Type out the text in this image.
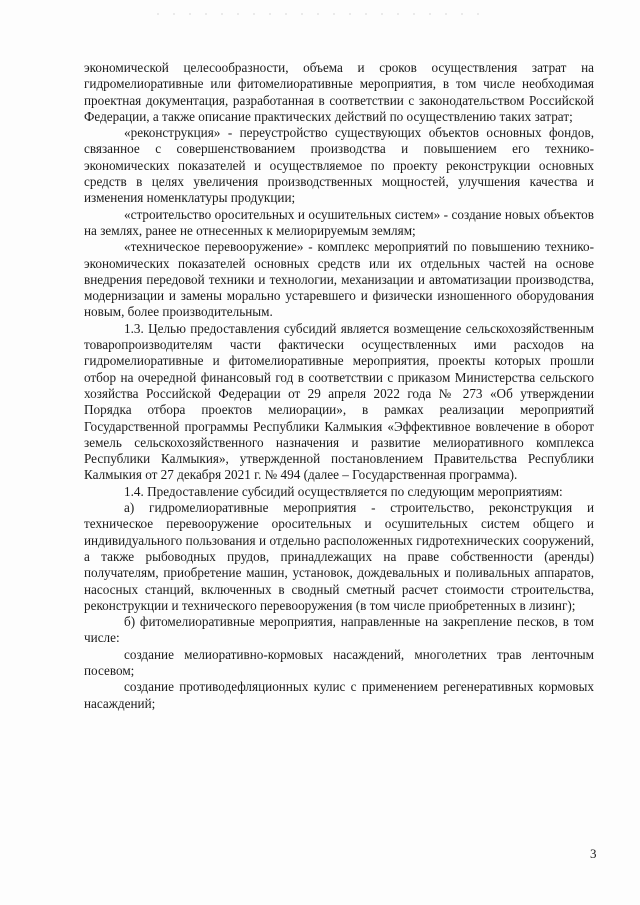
экономической целесообразности, объема и сроков осуществления затрат на гидромелиоративные или фитомелиоративные мероприятия, в том числе необходимая проектная документация, разработанная в соответствии с законодательством Российской Федерации, а также описание практических действий по осуществлению таких затрат;

«реконструкция» - переустройство существующих объектов основных фондов, связанное с совершенствованием производства и повышением его технико-экономических показателей и осуществляемое по проекту реконструкции основных средств в целях увеличения производственных мощностей, улучшения качества и изменения номенклатуры продукции;

«строительство оросительных и осушительных систем» - создание новых объектов на землях, ранее не отнесенных к мелиорируемым землям;

«техническое перевооружение» - комплекс мероприятий по повышению технико-экономических показателей основных средств или их отдельных частей на основе внедрения передовой техники и технологии, механизации и автоматизации производства, модернизации и замены морально устаревшего и физически изношенного оборудования новым, более производительным.

1.3. Целью предоставления субсидий является возмещение сельскохозяйственным товаропроизводителям части фактически осуществленных ими расходов на гидромелиоративные и фитомелиоративные мероприятия, проекты которых прошли отбор на очередной финансовый год в соответствии с приказом Министерства сельского хозяйства Российской Федерации от 29 апреля 2022 года № 273 «Об утверждении Порядка отбора проектов мелиорации», в рамках реализации мероприятий Государственной программы Республики Калмыкия «Эффективное вовлечение в оборот земель сельскохозяйственного назначения и развитие мелиоративного комплекса Республики Калмыкия», утвержденной постановлением Правительства Республики Калмыкия от 27 декабря 2021 г. № 494 (далее – Государственная программа).

1.4. Предоставление субсидий осуществляется по следующим мероприятиям:

а) гидромелиоративные мероприятия - строительство, реконструкция и техническое перевооружение оросительных и осушительных систем общего и индивидуального пользования и отдельно расположенных гидротехнических сооружений, а также рыбоводных прудов, принадлежащих на праве собственности (аренды) получателям, приобретение машин, установок, дождевальных и поливальных аппаратов, насосных станций, включенных в сводный сметный расчет стоимости строительства, реконструкции и технического перевооружения (в том числе приобретенных в лизинг);

б) фитомелиоративные мероприятия, направленные на закрепление песков, в том числе:

создание мелиоративно-кормовых насаждений, многолетних трав ленточным посевом;

создание противодефляционных кулис с применением регенеративных кормовых насаждений;

3
